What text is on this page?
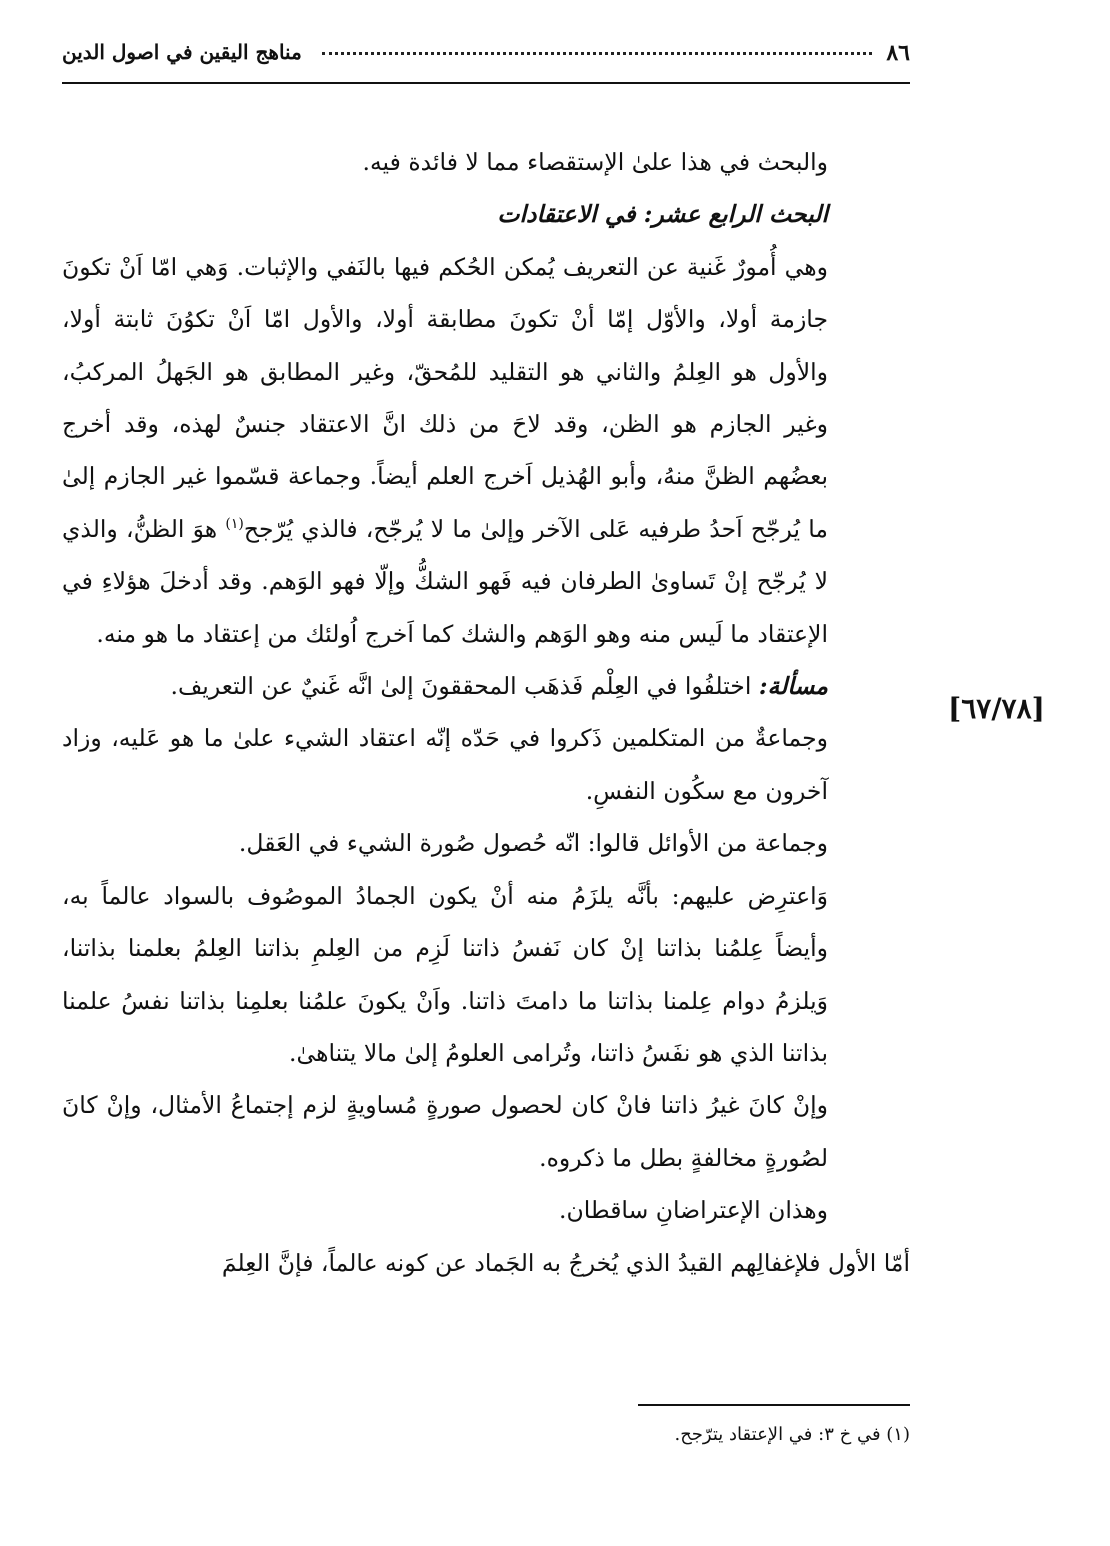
٨٦
مناهج اليقين في اصول الدين
[٦٧/٧٨]

والبحث في هذا علىٰ الإستقصاء مما لا فائدة فيه.

البحث الرابع عشر: في الاعتقادات

وهي أُمورٌ غَنية عن التعريف يُمكن الحُكم فيها بالنَفي والإثبات. وَهي امّا اَنْ تكونَ جازمة أولا، والأوّل إمّا أنْ تكونَ مطابقة أولا، والأول امّا اَنْ تكوُنَ ثابتة أولا، والأول هو العِلمُ والثاني هو التقليد للمُحقّ، وغير المطابق هو الجَهلُ المركبُ، وغير الجازم هو الظن، وقد لاحَ من ذلك انَّ الاعتقاد جنسٌ لهذه، وقد أخرج بعضُهم الظنَّ منهُ، وأبو الهُذيل اَخرج العلم أيضاً. وجماعة قسّموا غير الجازم إلىٰ ما يُرجّح اَحدُ طرفيه عَلى الآخر وإلىٰ ما لا يُرجّح، فالذي يُرّجح$^{(١)}$ هوَ الظنُّ، والذي لا يُرجّح إنْ تَساوىٰ الطرفان فيه فَهو الشكُّ وإلّا فهو الوَهم. وقد أدخلَ هؤلاءِ في الإعتقاد ما لَيس منه وهو الوَهم والشك كما اَخرج اُولئك من إعتقاد ما هو منه.

مسألة: اختلفُوا في العِلْم فَذهَب المحققونَ إلىٰ انَّه غَنيٌ عن التعريف.

وجماعةٌ من المتكلمين ذَكروا في حَدّه إنّه اعتقاد الشيء علىٰ ما هو عَليه، وزاد آخرون مع سكُون النفسِ.

وجماعة من الأوائل قالوا: انّه حُصول صُورة الشيء في العَقل.

وَاعترِض عليهم: بأنَّه يلزَمُ منه أنْ يكون الجمادُ الموصُوف بالسواد عالماً به، وأيضاً عِلمُنا بذاتنا إنْ كان نَفسُ ذاتنا لَزِم من العِلمِ بذاتنا العِلمُ بعلمنا بذاتنا، وَيلزمُ دوام عِلمنا بذاتنا ما دامتَ ذاتنا. واَنْ يكونَ علمُنا بعلمِنا بذاتنا نفسُ علمنا بذاتنا الذي هو نفَسُ ذاتنا، وتُرامى العلومُ إلىٰ مالا يتناهىٰ.

وإنْ كانَ غيرُ ذاتنا فانْ كان لحصول صورةٍ مُساويةٍ لزم إجتماعُ الأمثال، وإنْ كانَ لصُورةٍ مخالفةٍ بطل ما ذكروه.

وهذان الإعتراضانِ ساقطان.

أمّا الأول فلإغفالِهم القيدُ الذي يُخرجُ به الجَماد عن كونه عالماً، فإنَّ العِلمَ

(١) في خ ٣: في الإعتقاد يترّجح.
